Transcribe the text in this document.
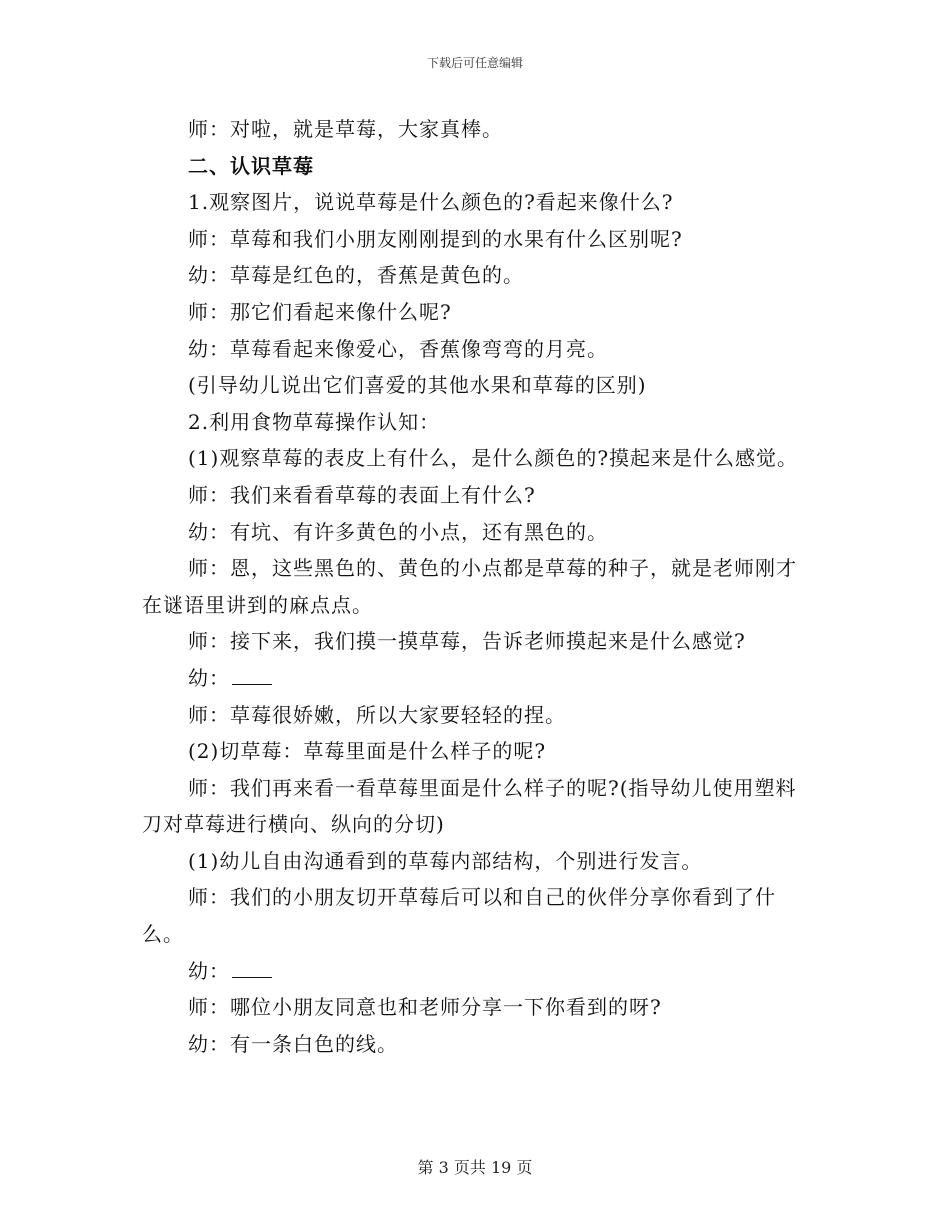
下载后可任意编辑

师：对啦，就是草莓，大家真棒。

二、认识草莓

1.观察图片，说说草莓是什么颜色的?看起来像什么?

师：草莓和我们小朋友刚刚提到的水果有什么区别呢?

幼：草莓是红色的，香蕉是黄色的。

师：那它们看起来像什么呢?

幼：草莓看起来像爱心，香蕉像弯弯的月亮。

(引导幼儿说出它们喜爱的其他水果和草莓的区别)

2.利用食物草莓操作认知：

(1)观察草莓的表皮上有什么，是什么颜色的?摸起来是什么感觉。

师：我们来看看草莓的表面上有什么?

幼：有坑、有许多黄色的小点，还有黑色的。

师：恩，这些黑色的、黄色的小点都是草莓的种子，就是老师刚才在谜语里讲到的麻点点。

师：接下来，我们摸一摸草莓，告诉老师摸起来是什么感觉?

幼：

师：草莓很娇嫩，所以大家要轻轻的捏。

(2)切草莓：草莓里面是什么样子的呢?

师：我们再来看一看草莓里面是什么样子的呢?(指导幼儿使用塑料刀对草莓进行横向、纵向的分切)

(1)幼儿自由沟通看到的草莓内部结构，个别进行发言。

师：我们的小朋友切开草莓后可以和自己的伙伴分享你看到了什么。

幼：

师：哪位小朋友同意也和老师分享一下你看到的呀?

幼：有一条白色的线。

第 3 页共 19 页
